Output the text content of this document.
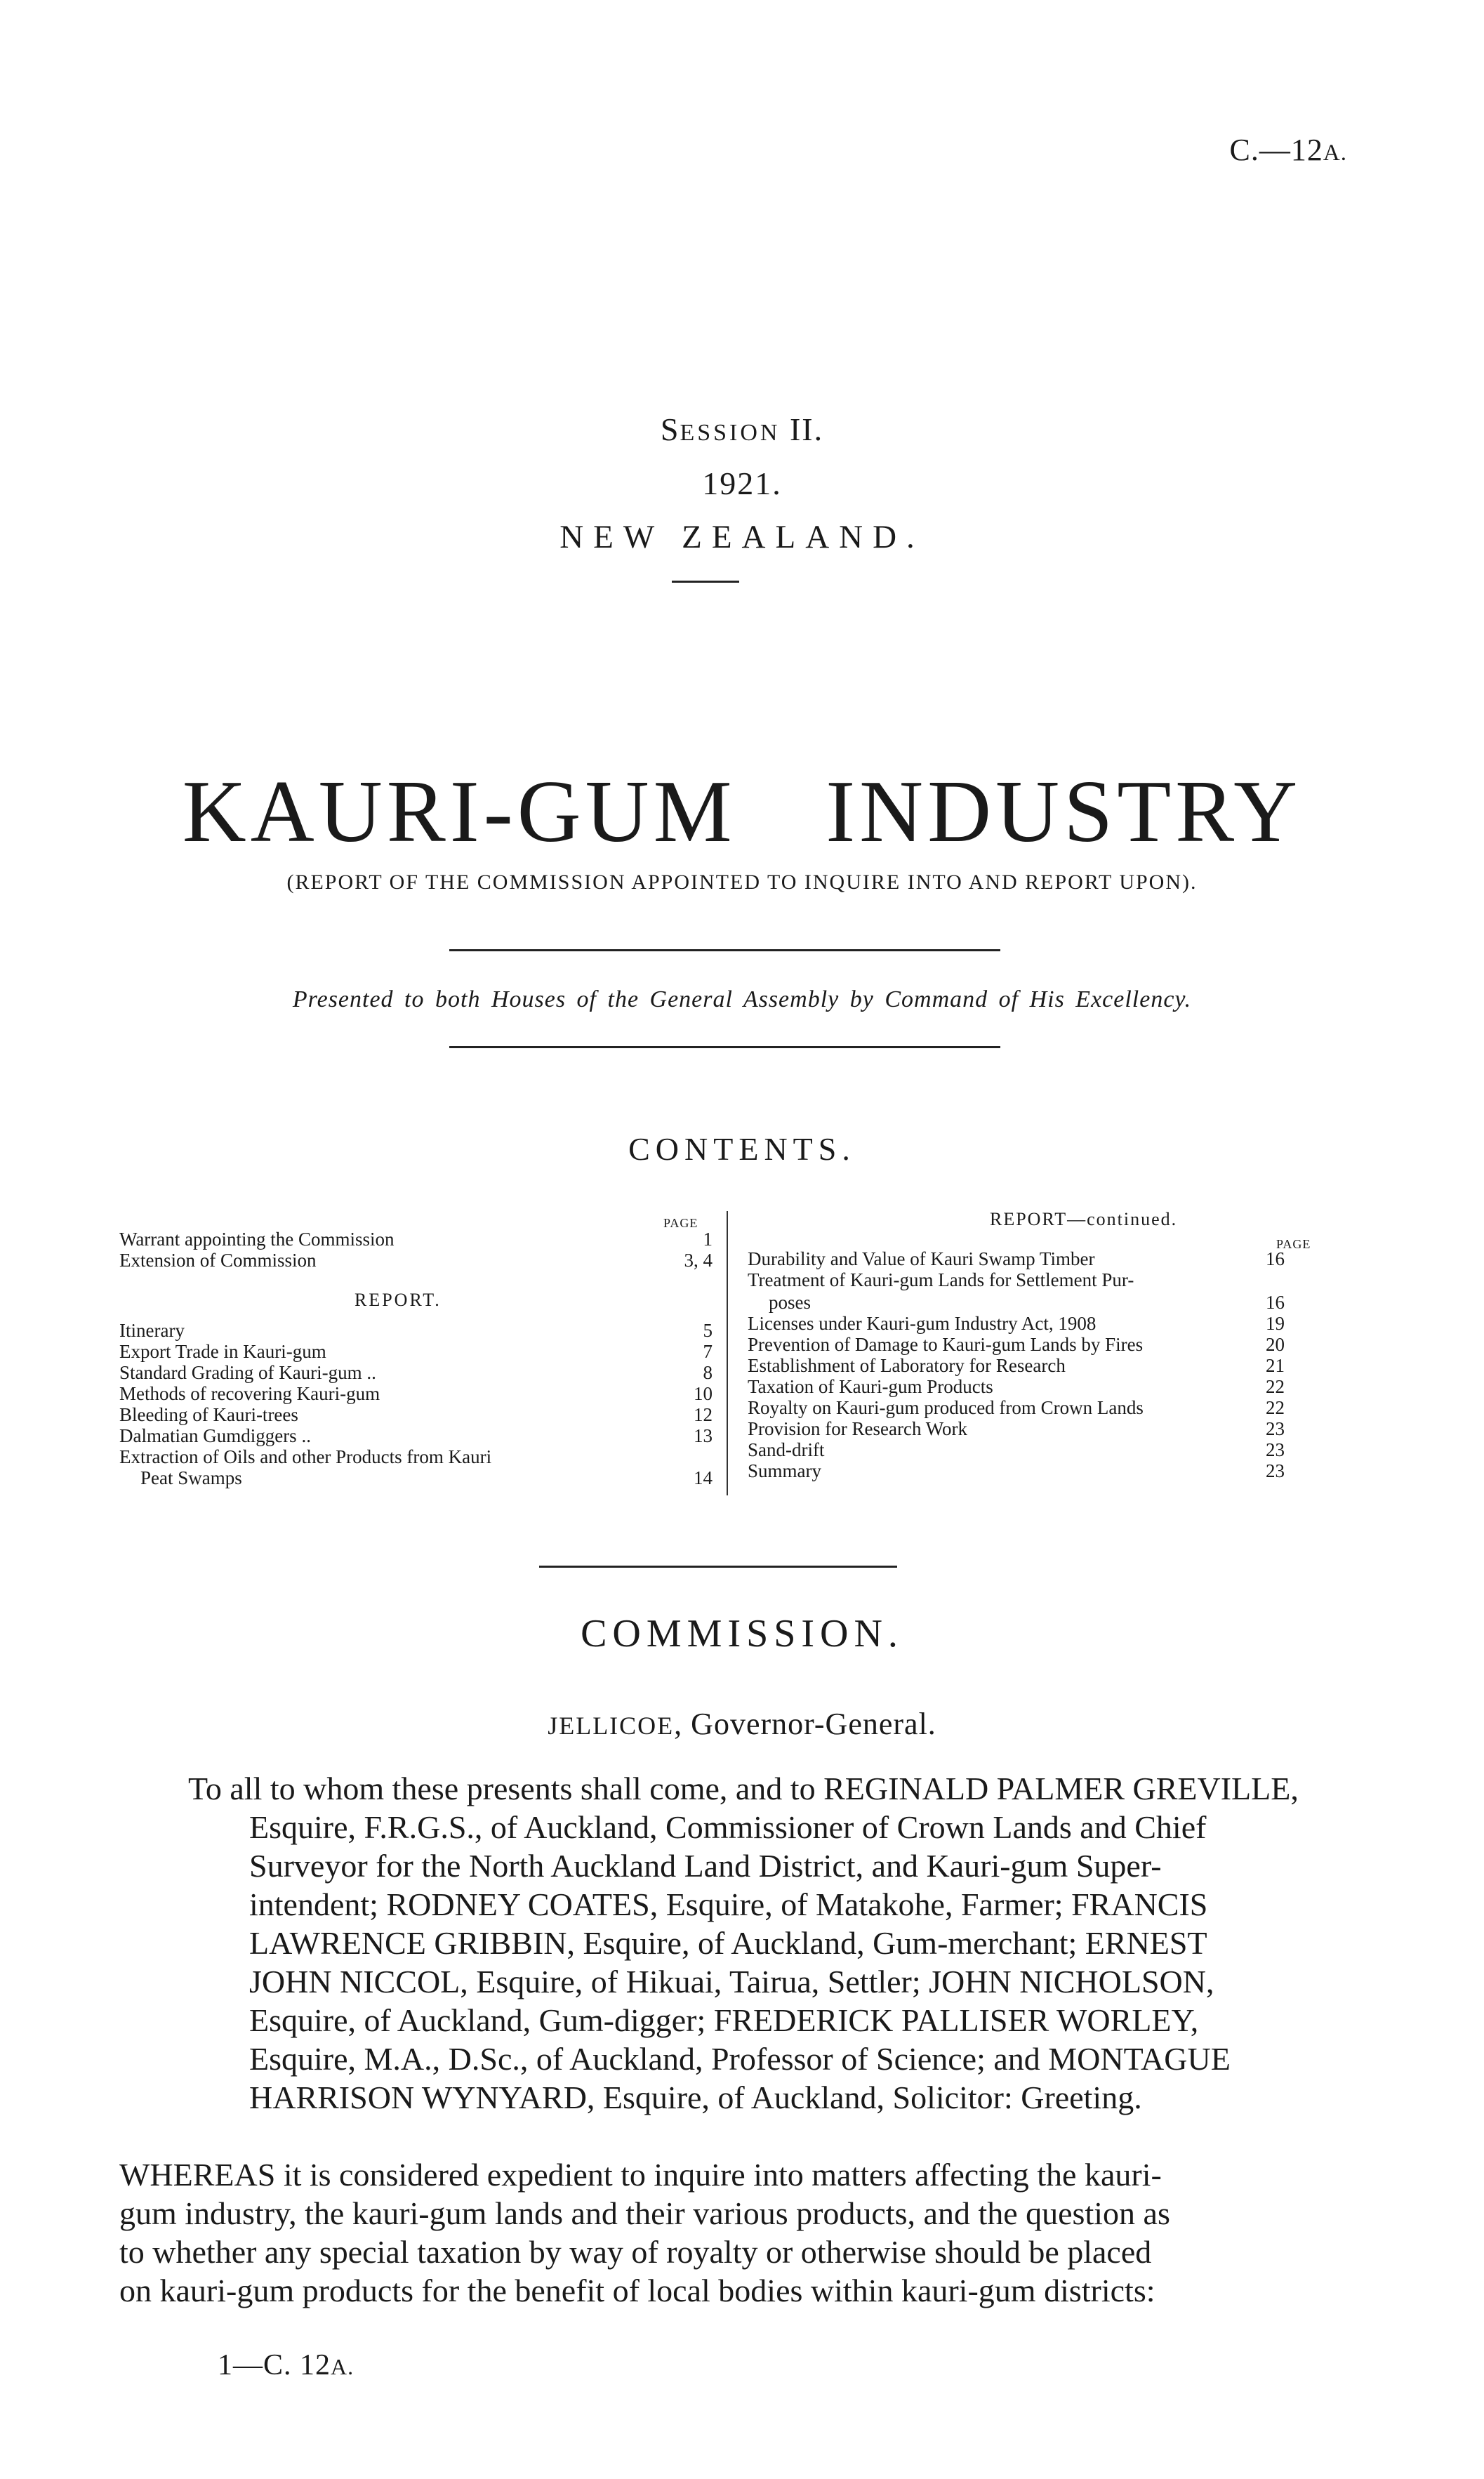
C.—12A.
SESSION II.
1921.
NEW ZEALAND.
KAURI-GUM INDUSTRY
(REPORT OF THE COMMISSION APPOINTED TO INQUIRE INTO AND REPORT UPON).
Presented to both Houses of the General Assembly by Command of His Excellency.
CONTENTS.
PAGE
Warrant appointing the Commission	1
Extension of Commission	3, 4
REPORT.
Itinerary	5
Export Trade in Kauri-gum	7
Standard Grading of Kauri-gum ..	8
Methods of recovering Kauri-gum	10
Bleeding of Kauri-trees	12
Dalmatian Gumdiggers ..	13
Extraction of Oils and other Products from Kauri
Peat Swamps	14
REPORT—continued.
PAGE
Durability and Value of Kauri Swamp Timber	16
Treatment of Kauri-gum Lands for Settlement Pur-
poses	16
Licenses under Kauri-gum Industry Act, 1908	19
Prevention of Damage to Kauri-gum Lands by Fires	20
Establishment of Laboratory for Research	21
Taxation of Kauri-gum Products	22
Royalty on Kauri-gum produced from Crown Lands	22
Provision for Research Work	23
Sand-drift	23
Summary	23
COMMISSION.
JELLICOE, Governor-General.

To all to whom these presents shall come, and to REGINALD PALMER GREVILLE,

Esquire, F.R.G.S., of Auckland, Commissioner of Crown Lands and Chief

Surveyor for the North Auckland Land District, and Kauri-gum Super-

intendent; RODNEY COATES, Esquire, of Matakohe, Farmer; FRANCIS

LAWRENCE GRIBBIN, Esquire, of Auckland, Gum-merchant; ERNEST

JOHN NICCOL, Esquire, of Hikuai, Tairua, Settler; JOHN NICHOLSON,

Esquire, of Auckland, Gum-digger; FREDERICK PALLISER WORLEY,

Esquire, M.A., D.Sc., of Auckland, Professor of Science; and MONTAGUE

HARRISON WYNYARD, Esquire, of Auckland, Solicitor: Greeting.

WHEREAS it is considered expedient to inquire into matters affecting the kauri-

gum industry, the kauri-gum lands and their various products, and the question as

to whether any special taxation by way of royalty or otherwise should be placed

on kauri-gum products for the benefit of local bodies within kauri-gum districts:

1—C. 12A.
